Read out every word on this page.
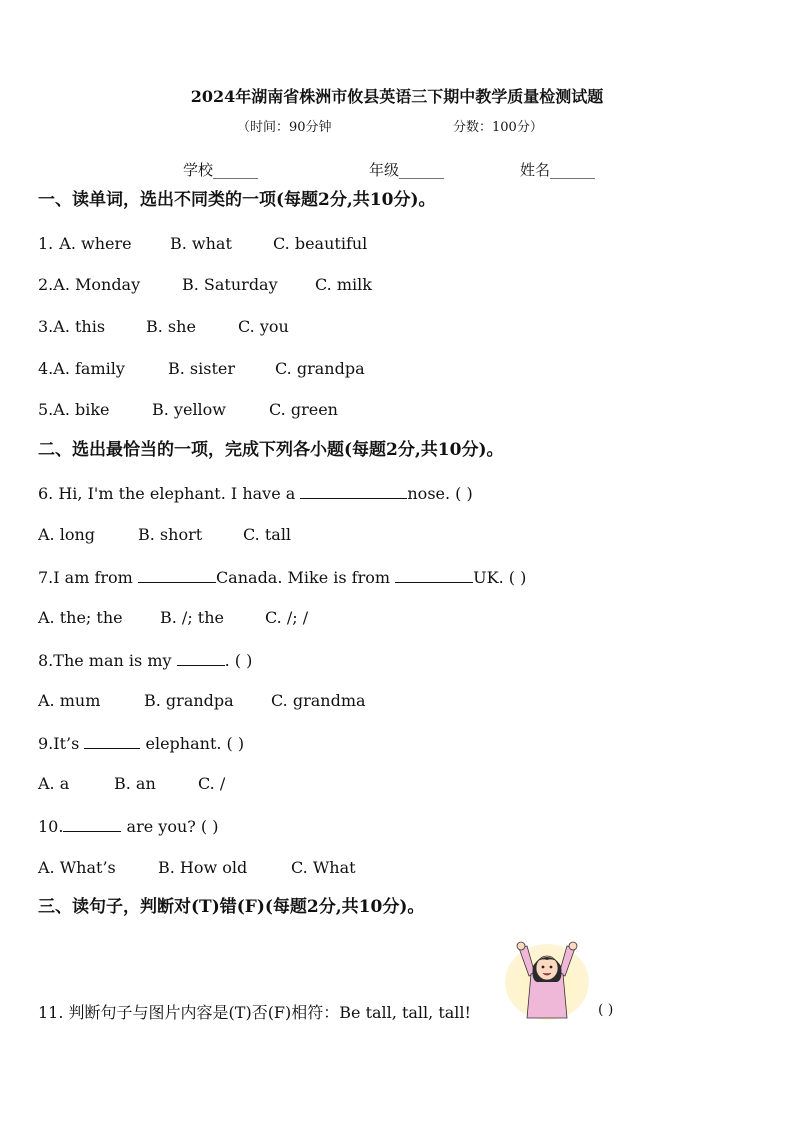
2024年湖南省株洲市攸县英语三下期中教学质量检测试题
（时间：90分钟	分数：100分）
学校______	年级______	姓名______
一、读单词，选出不同类的一项(每题2分,共10分)。
1. A. where B. what	C. beautiful
2.A. Monday	B. Saturday C. milk
3.A. this	B. she	C. you
4.A. family	B. sister C. grandpa
5.A. bike	B. yellow	C. green
二、选出最恰当的一项，完成下列各小题(每题2分,共10分)。
6. Hi, I'm the elephant. I have a	nose. ( )
A. long	B. short	C. tall
7.I am from	Canada. Mike is from	UK. ( )
A. the; the B. /; the	C. /; /
8.The man is my	. ( )
A. mum	B. grandpa C. grandma
9.It’s	elephant. ( )
A. a	B. an	C. /
10.	are you? ( )
A. What’s	B. How old	C. What
三、读句子，判断对(T)错(F)(每题2分,共10分)。
11. 判断句子与图片内容是(T)否(F)相符：Be tall, tall, tall!	( )
